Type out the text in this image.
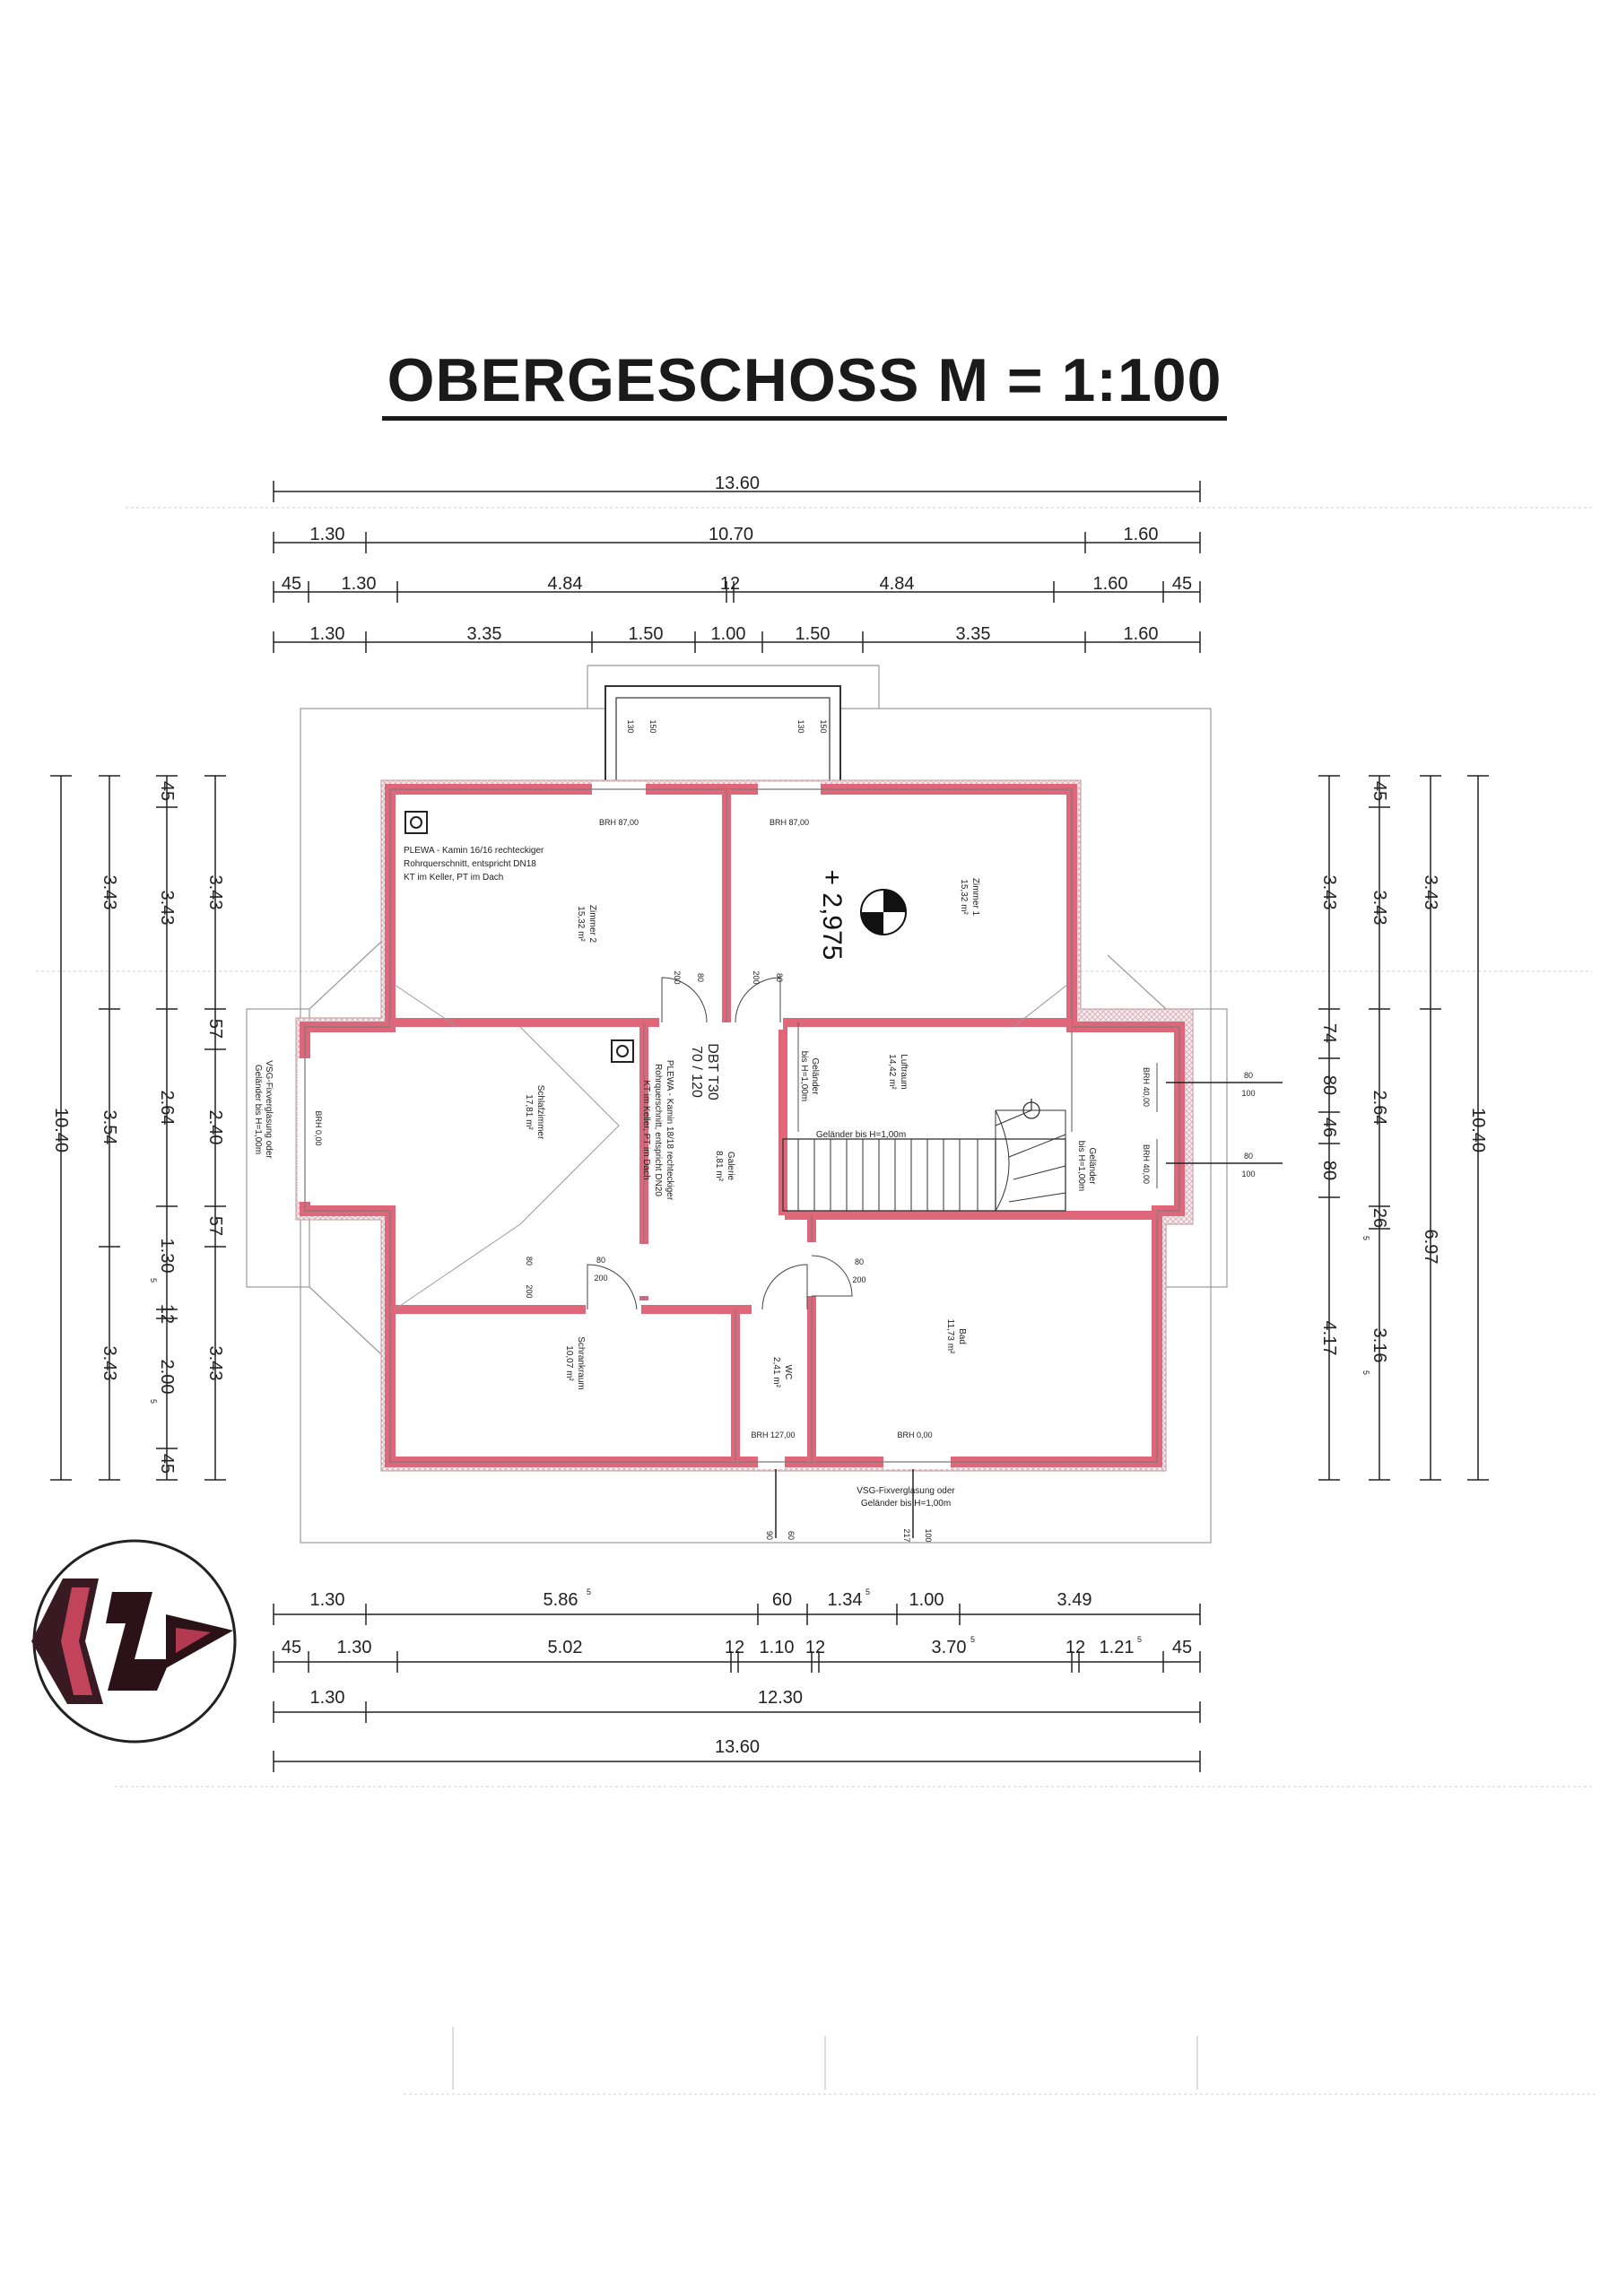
OBERGESCHOSS M = 1:100
13.60
1.30	10.70	1.60
45 1.30	4.84	12	4.84	1.60 45
1.30	3.35	1.50	1.00	1.50	3.35	1.60
1.30	5.86 5	60 1.34 5 1.00	3.49
45 1.30	5.02	12 1.10 12	3.70 5	12 1.21 5 45
1.30	12.30
13.60
10.40
3.43
3.54
3.43
45
3.43
2.64
1.30
5
12
2.00
5
45
3.43
57
2.40
57
3.43
3.43
74
80
46
80
4.17
45
3.43
2.64
26
5
3.16
5
3.43
6.97
10.40
Zimmer 2
15,32 m²
Zimmer 1
15,32 m²
Schlafzimmer
17,81 m²
Galerie
8,81 m²
Luftraum
14,42 m²
Schrankraum
10,07 m²	WC
2,41 m²
Bad
11,73 m²
PLEWA - Kamin 16/16 rechteckiger
Rohrquerschnitt, entspricht DN18
KT im Keller, PT im Dach
PLEWA - Kamin 18/18 rechteckiger
Rohrquerschnitt, entspricht DN20
KT im Keller, PT im Dach
+ 2,975
DBT T30
70 / 120
VSG-Fixverglasung oder
Geländer bis H=1,00m
VSG-Fixverglasung oder
Geländer bis H=1,00m
Geländer bis H=1,00m
Geländer
bis H=1,00m
Geländer
bis H=1,00m
BRH 87,00	BRH 87,00
BRH 0,00
BRH 40,00
BRH 40,00
BRH 127,00	BRH 0,00
200 80	200 80
80
200
80
200
80
200
130 150	130 150
80
100
80
100
90 60	217 100
